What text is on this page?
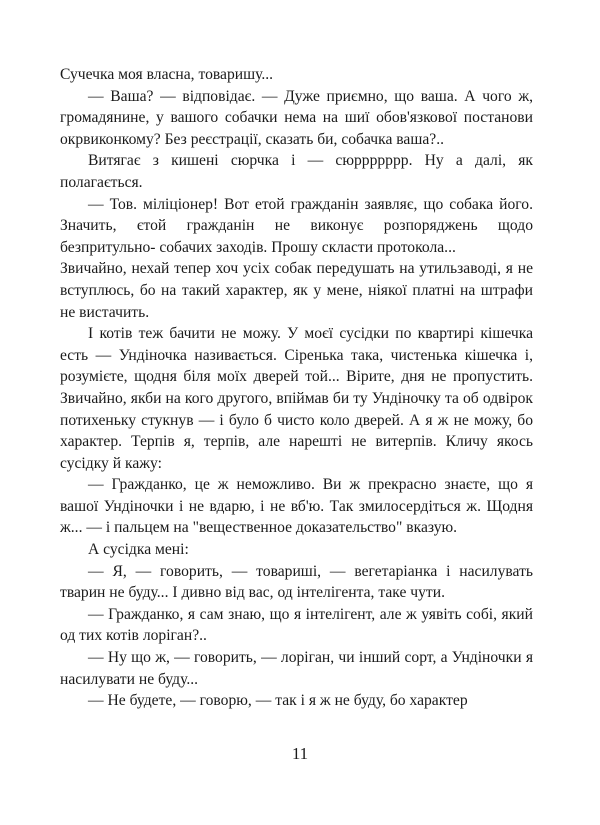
Сучечка моя власна, товаришу...

— Ваша? — відповідає. — Дуже приємно, що ваша. А чого ж, громадянине, у вашого собачки нема на шиї обов'язкової постанови окрвиконкому? Без реєстрації, сказать би, собачка ваша?..

Витягає з кишені сюрчка і — сюррррррр. Ну а далі, як полагається.

— Тов. міліціонер! Вот етой гражданін заявляє, що собака його. Значить, єтой гражданін не виконує розпоряджень щодо безпритульно- собачих заходів. Прошу скласти протокола...

Звичайно, нехай тепер хоч усіх собак передушать на утильзаводі, я не вступлюсь, бо на такий характер, як у мене, ніякої платні на штрафи не вистачить.

І котів теж бачити не можу. У моєї сусідки по квартирі кішечка есть — Ундіночка називається. Сіренька така, чистенька кішечка і, розумієте, щодня біля моїх дверей той... Вірите, дня не пропустить. Звичайно, якби на кого другого, впіймав би ту Ундіночку та об одвірок потихеньку стукнув — і було б чисто коло дверей. А я ж не можу, бо характер. Терпів я, терпів, але нарешті не витерпів. Кличу якось сусідку й кажу:

— Гражданко, це ж неможливо. Ви ж прекрасно знаєте, що я вашої Ундіночки і не вдарю, і не вб'ю. Так змилосердіться ж. Щодня ж... — і пальцем на "вещественное доказательство" вказую.

А сусідка мені:

— Я, — говорить, — товариші, — вегетаріанка і насилувать тварин не буду... І дивно від вас, од інтелігента, таке чути.

— Гражданко, я сам знаю, що я інтелігент, але ж уявіть собі, який од тих котів лоріган?..

— Ну що ж, — говорить, — лоріган, чи інший сорт, а Ундіночки я насилувати не буду...

— Не будете, — говорю, — так і я ж не буду, бо характер

11
